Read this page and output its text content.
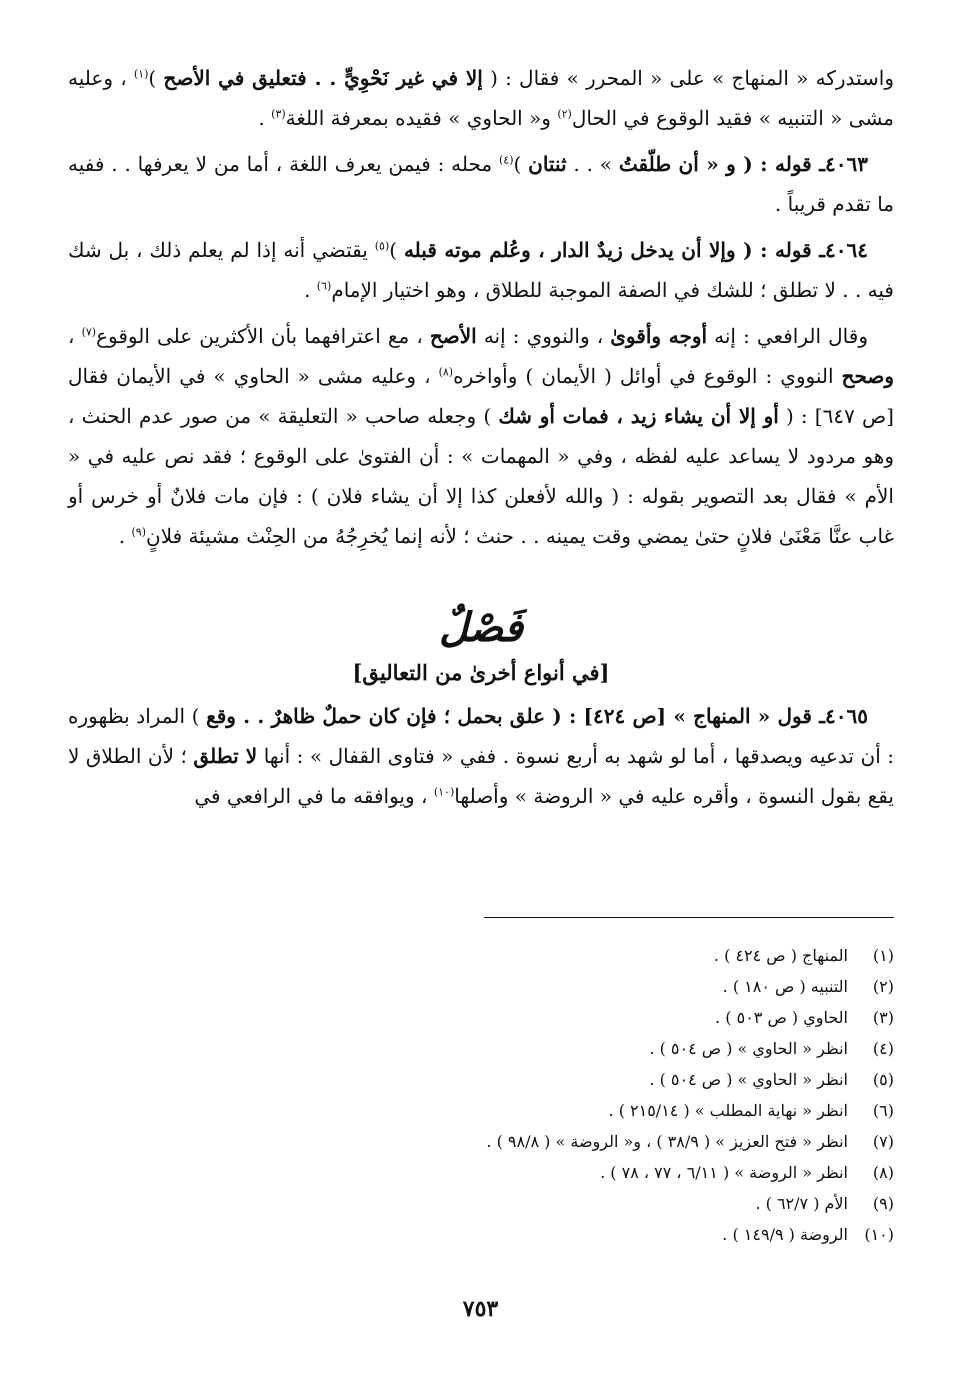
واستدركه « المنهاج » على « المحرر » فقال : ( إلا في غير نَحْوِيٍّ . . فتعليق في الأصح )$^{(١)}$ ، وعليه مشى « التنبيه » فقيد الوقوع في الحال$^{(٢)}$ و« الحاوي » فقيده بمعرفة اللغة$^{(٣)}$ .

٤٠٦٣ـ قوله : ( و « أن طلّقتُ » . . ثنتان )$^{(٤)}$ محله : فيمن يعرف اللغة ، أما من لا يعرفها . . ففيه ما تقدم قريباً .

٤٠٦٤ـ قوله : ( وإلا أن يدخل زيدٌ الدار ، وعُلم موته قبله )$^{(٥)}$ يقتضي أنه إذا لم يعلم ذلك ، بل شك فيه . . لا تطلق ؛ للشك في الصفة الموجبة للطلاق ، وهو اختيار الإمام$^{(٦)}$ .

وقال الرافعي : إنه أوجه وأقوىٰ ، والنووي : إنه الأصح ، مع اعترافهما بأن الأكثرين على الوقوع$^{(٧)}$ ، وصحح النووي : الوقوع في أوائل ( الأيمان ) وأواخره$^{(٨)}$ ، وعليه مشى « الحاوي » في الأيمان فقال [ص ٦٤٧] : ( أو إلا أن يشاء زيد ، فمات أو شك ) وجعله صاحب « التعليقة » من صور عدم الحنث ، وهو مردود لا يساعد عليه لفظه ، وفي « المهمات » : أن الفتوىٰ على الوقوع ؛ فقد نص عليه في « الأم » فقال بعد التصوير بقوله : ( والله لأفعلن كذا إلا أن يشاء فلان ) : فإن مات فلانٌ أو خرس أو غاب عنَّا مَعْنَىٰ فلانٍ حتىٰ يمضي وقت يمينه . . حنث ؛ لأنه إنما يُخرِجُهُ من الحِنْث مشيئة فلانٍ$^{(٩)}$ .

فَصْلٌ
[في أنواع أخرىٰ من التعاليق]

٤٠٦٥ـ قول « المنهاج » [ص ٤٢٤] : ( علق بحمل ؛ فإن كان حملٌ ظاهرٌ . . وقع ) المراد بظهوره : أن تدعيه ويصدقها ، أما لو شهد به أربع نسوة . ففي « فتاوى القفال » : أنها لا تطلق ؛ لأن الطلاق لا يقع بقول النسوة ، وأقره عليه في « الروضة » وأصلها$^{(١٠)}$ ، ويوافقه ما في الرافعي في

(١)
المنهاج ( ص ٤٢٤ ) .
(٢)
التنبيه ( ص ١٨٠ ) .
(٣)
الحاوي ( ص ٥٠٣ ) .
(٤)
انظر « الحاوي » ( ص ٥٠٤ ) .
(٥)
انظر « الحاوي » ( ص ٥٠٤ ) .
(٦)
انظر « نهاية المطلب » ( ٢١٥/١٤ ) .
(٧)
انظر « فتح العزيز » ( ٣٨/٩ ) ، و« الروضة » ( ٩٨/٨ ) .
(٨)
انظر « الروضة » ( ٦/١١ ، ٧٧ ، ٧٨ ) .
(٩)
الأم ( ٦٢/٧ ) .
(١٠)
الروضة ( ١٤٩/٩ ) .
٧٥٣
